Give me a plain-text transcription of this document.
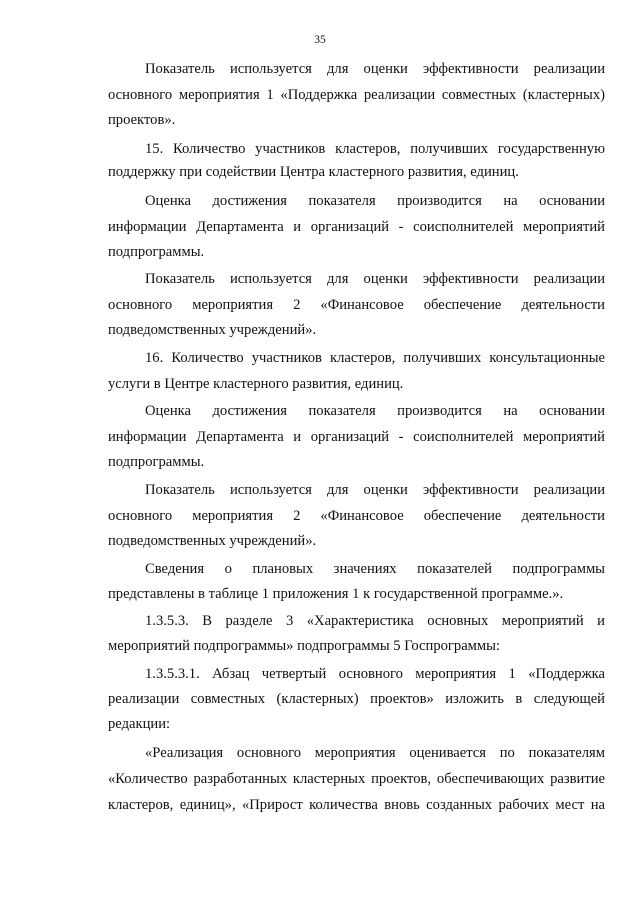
35
Показатель используется для оценки эффективности реализации
основного мероприятия 1 «Поддержка реализации совместных (кластерных)
проектов».
15. Количество участников кластеров, получивших государственную
поддержку при содействии Центра кластерного развития, единиц.
Оценка достижения показателя производится на основании
информации Департамента и организаций - соисполнителей мероприятий
подпрограммы.
Показатель используется для оценки эффективности реализации
основного мероприятия 2 «Финансовое обеспечение деятельности
подведомственных учреждений».
16. Количество участников кластеров, получивших консультационные
услуги в Центре кластерного развития, единиц.
Оценка достижения показателя производится на основании
информации Департамента и организаций - соисполнителей мероприятий
подпрограммы.
Показатель используется для оценки эффективности реализации
основного мероприятия 2 «Финансовое обеспечение деятельности
подведомственных учреждений».
Сведения о плановых значениях показателей подпрограммы
представлены в таблице 1 приложения 1 к государственной программе.».
1.3.5.3. В разделе 3 «Характеристика основных мероприятий и
мероприятий подпрограммы» подпрограммы 5 Госпрограммы:
1.3.5.3.1. Абзац четвертый основного мероприятия 1 «Поддержка
реализации совместных (кластерных) проектов» изложить в следующей
редакции:
«Реализация основного мероприятия оценивается по показателям
«Количество разработанных кластерных проектов, обеспечивающих развитие
кластеров, единиц», «Прирост количества вновь созданных рабочих мест на
